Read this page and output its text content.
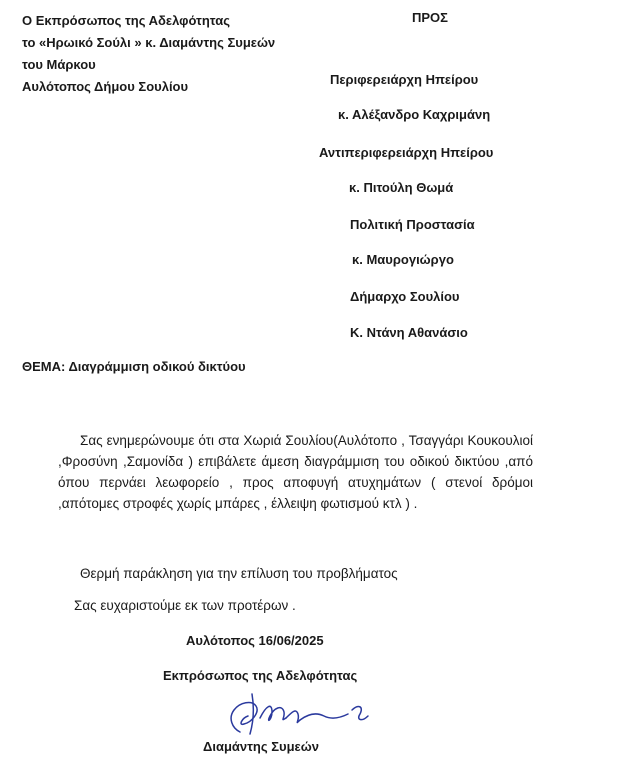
Ο Εκπρόσωπος της Αδελφότητας
το «Ηρωικό Σούλι » κ. Διαμάντης Συμεών
του Μάρκου
Αυλότοπος Δήμου Σουλίου
ΠΡΟΣ
Περιφερειάρχη Ηπείρου
κ. Αλέξανδρο Καχριμάνη
Αντιπεριφερειάρχη Ηπείρου
κ. Πιτούλη Θωμά
Πολιτική Προστασία
κ. Μαυρογιώργο
Δήμαρχο Σουλίου
Κ. Ντάνη Αθανάσιο
ΘΕΜΑ: Διαγράμμιση οδικού δικτύου

Σας ενημερώνουμε ότι στα Χωριά Σουλίου(Αυλότοπο , Τσαγγάρι Κουκουλιοί ,Φροσύνη ,Σαμονίδα ) επιβάλετε άμεση διαγράμμιση του οδικού δικτύου ,από όπου περνάει λεωφορείο , προς αποφυγή ατυχημάτων ( στενοί δρόμοι ,απότομες στροφές χωρίς μπάρες , έλλειψη φωτισμού κτλ ) .

Θερμή παράκληση για την επίλυση του προβλήματος
Σας ευχαριστούμε εκ των προτέρων .
Αυλότοπος 16/06/2025
Εκπρόσωπος της Αδελφότητας
Διαμάντης Συμεών
